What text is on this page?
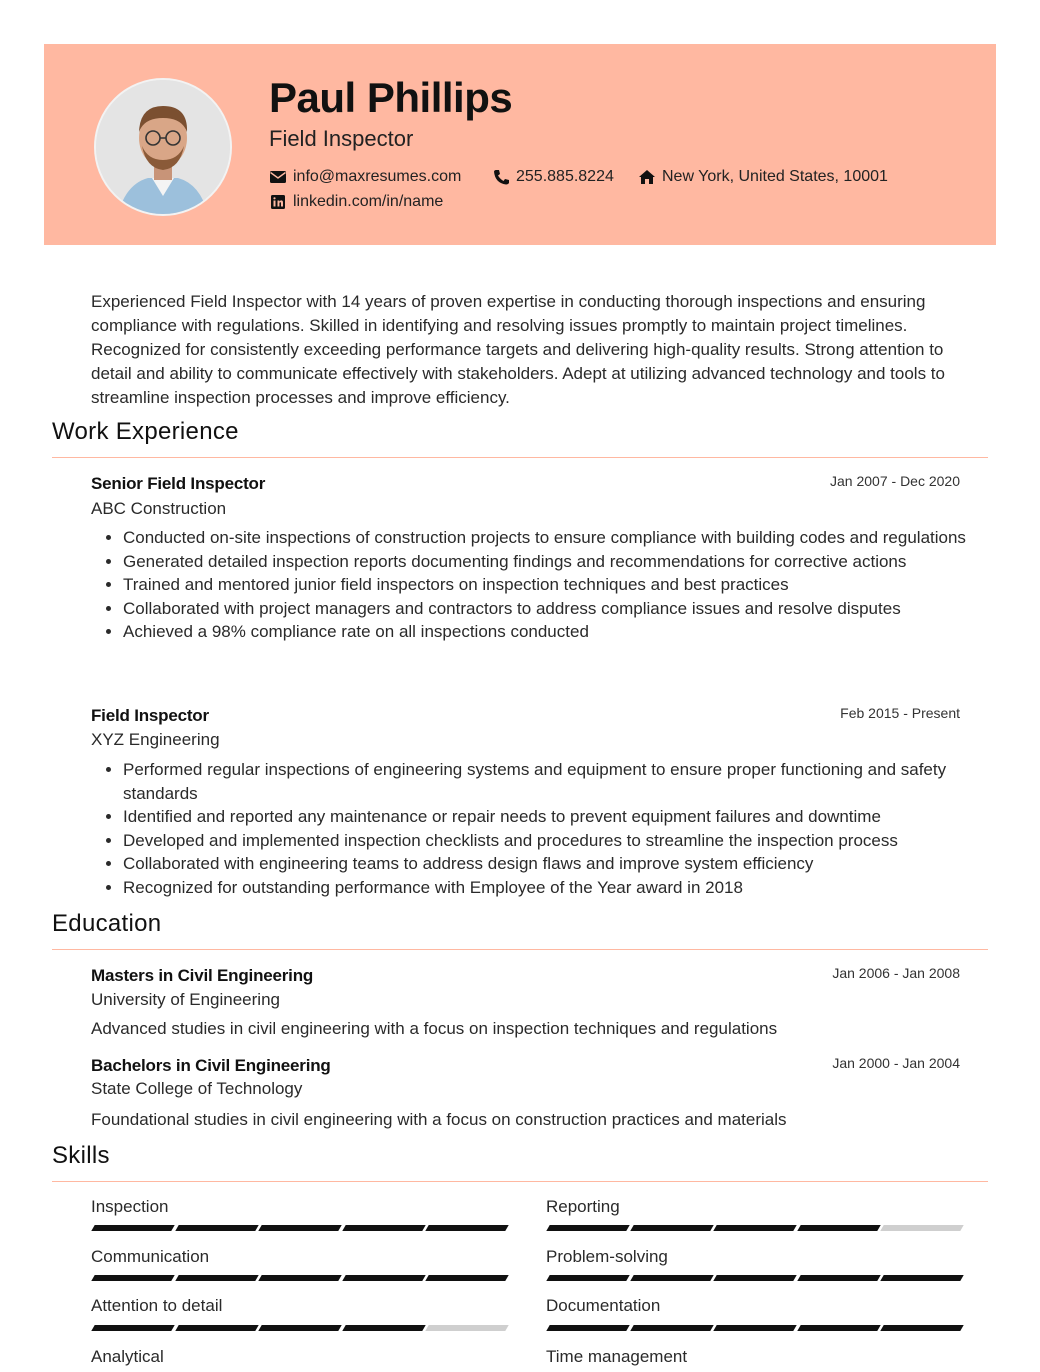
Paul Phillips

Field Inspector

info@maxresumes.com	255.885.8224	New York, United States, 10001
linkedin.com/in/name

Experienced Field Inspector with 14 years of proven expertise in conducting thorough inspections and ensuring compliance with regulations. Skilled in identifying and resolving issues promptly to maintain project timelines. Recognized for consistently exceeding performance targets and delivering high-quality results. Strong attention to detail and ability to communicate effectively with stakeholders. Adept at utilizing advanced technology and tools to streamline inspection processes and improve efficiency.

Work Experience

Senior Field Inspector	Jan 2007 - Dec 2020

ABC Construction

• Conducted on-site inspections of construction projects to ensure compliance with building codes and regulations
• Generated detailed inspection reports documenting findings and recommendations for corrective actions
• Trained and mentored junior field inspectors on inspection techniques and best practices
• Collaborated with project managers and contractors to address compliance issues and resolve disputes
• Achieved a 98% compliance rate on all inspections conducted

Field Inspector	Feb 2015 - Present

XYZ Engineering

• Performed regular inspections of engineering systems and equipment to ensure proper functioning and safety standards
• Identified and reported any maintenance or repair needs to prevent equipment failures and downtime
• Developed and implemented inspection checklists and procedures to streamline the inspection process
• Collaborated with engineering teams to address design flaws and improve system efficiency
• Recognized for outstanding performance with Employee of the Year award in 2018
Education

Masters in Civil Engineering	Jan 2006 - Jan 2008

University of Engineering

Advanced studies in civil engineering with a focus on inspection techniques and regulations

Bachelors in Civil Engineering	Jan 2000 - Jan 2004

State College of Technology

Foundational studies in civil engineering with a focus on construction practices and materials

Skills

Inspection	Reporting

Communication	Problem-solving

Attention to detail	Documentation

Analytical	Time management
